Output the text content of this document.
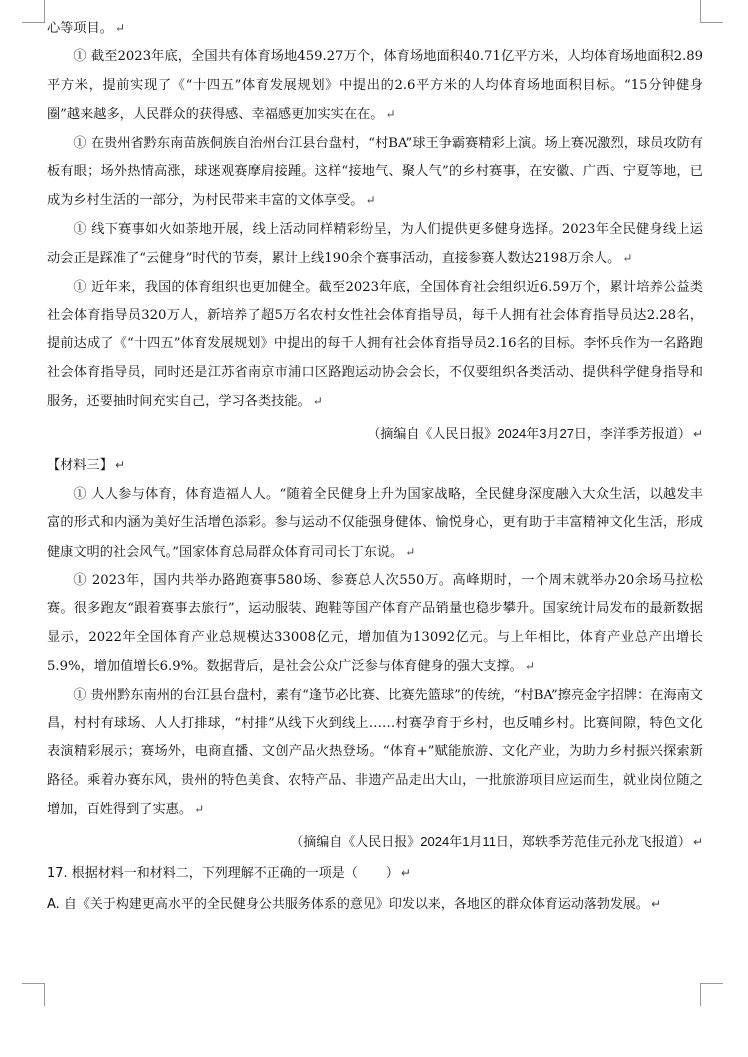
心等项目。 ↵

① 截至2023年底，全国共有体育场地459.27万个，体育场地面积40.71亿平方米，人均体育场地面积2.89平方米，提前实现了《“十四五”体育发展规划》中提出的2.6平方米的人均体育场地面积目标。“15分钟健身圈”越来越多，人民群众的获得感、幸福感更加实实在在。 ↵

① 在贵州省黔东南苗族侗族自治州台江县台盘村，“村BA”球王争霸赛精彩上演。场上赛况激烈，球员攻防有板有眼；场外热情高涨，球迷观赛摩肩接踵。这样“接地气、聚人气”的乡村赛事，在安徽、广西、宁夏等地，已成为乡村生活的一部分，为村民带来丰富的文体享受。 ↵

① 线下赛事如火如荼地开展，线上活动同样精彩纷呈，为人们提供更多健身选择。2023年全民健身线上运动会正是踩准了“云健身”时代的节奏，累计上线190余个赛事活动，直接参赛人数达2198万余人。 ↵

① 近年来，我国的体育组织也更加健全。截至2023年底，全国体育社会组织近6.59万个，累计培养公益类社会体育指导员320万人，新培养了超5万名农村女性社会体育指导员，每千人拥有社会体育指导员达2.28名，提前达成了《“十四五”体育发展规划》中提出的每千人拥有社会体育指导员2.16名的目标。李怀兵作为一名路跑社会体育指导员，同时还是江苏省南京市浦口区路跑运动协会会长，不仅要组织各类活动、提供科学健身指导和服务，还要抽时间充实自己，学习各类技能。 ↵

（摘编自《人民日报》2024年3月27日，李洋季芳报道） ↵

【材料三】 ↵

① 人人参与体育，体育造福人人。“随着全民健身上升为国家战略，全民健身深度融入大众生活，以越发丰富的形式和内涵为美好生活增色添彩。参与运动不仅能强身健体、愉悦身心，更有助于丰富精神文化生活，形成健康文明的社会风气。”国家体育总局群众体育司司长丁东说。 ↵

① 2023年，国内共举办路跑赛事580场、参赛总人次550万。高峰期时，一个周末就举办20余场马拉松赛。很多跑友“跟着赛事去旅行”，运动服装、跑鞋等国产体育产品销量也稳步攀升。国家统计局发布的最新数据显示，2022年全国体育产业总规模达33008亿元，增加值为13092亿元。与上年相比，体育产业总产出增长5.9%，增加值增长6.9%。数据背后，是社会公众广泛参与体育健身的强大支撑。 ↵

① 贵州黔东南州的台江县台盘村，素有“逢节必比赛、比赛先篮球”的传统，“村BA”擦亮金字招牌：在海南文昌，村村有球场、人人打排球，“村排”从线下火到线上……村赛孕育于乡村，也反哺乡村。比赛间隙，特色文化表演精彩展示；赛场外，电商直播、文创产品火热登场。“体育+”赋能旅游、文化产业，为助力乡村振兴探索新路径。乘着办赛东风，贵州的特色美食、农特产品、非遗产品走出大山，一批旅游项目应运而生，就业岗位随之增加，百姓得到了实惠。 ↵

（摘编自《人民日报》2024年1月11日，郑轶季芳范佳元孙龙飞报道） ↵

17. 根据材料一和材料二，下列理解不正确的一项是（ ） ↵

A. 自《关于构建更高水平的全民健身公共服务体系的意见》印发以来，各地区的群众体育运动落勃发展。 ↵
